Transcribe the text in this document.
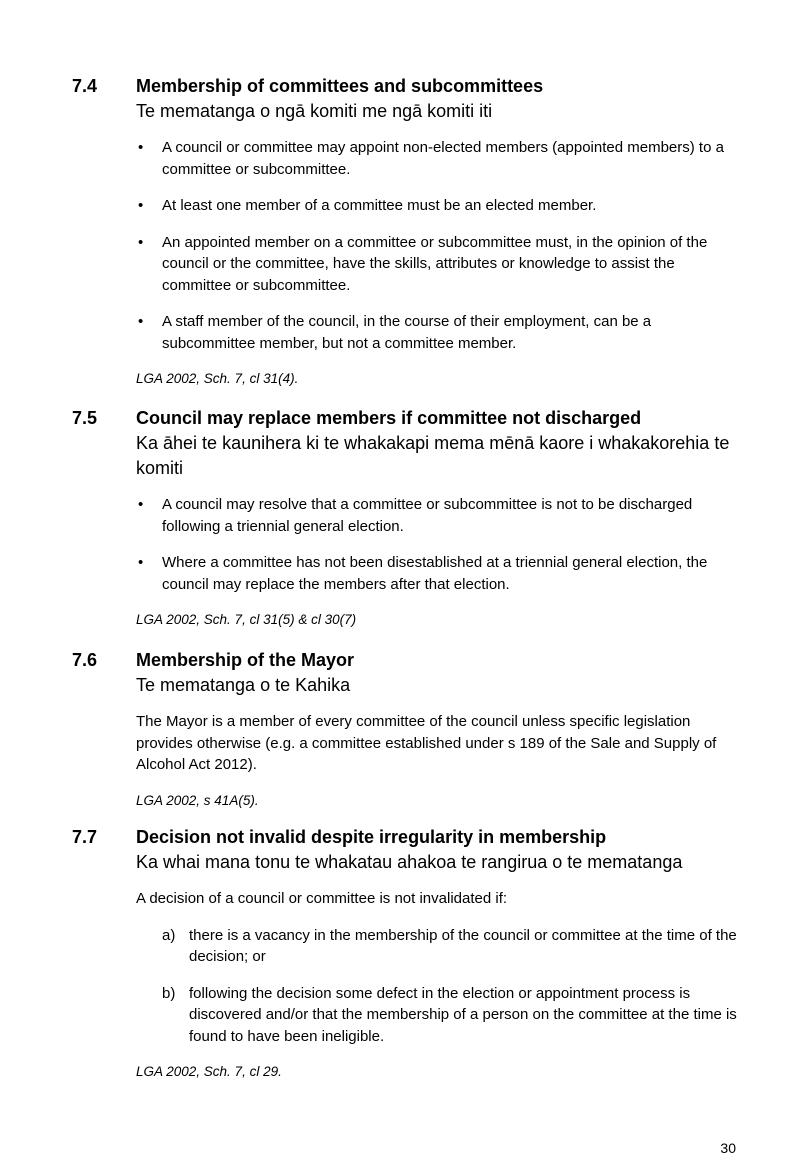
7.4	Membership of committees and subcommittees
Te mematanga o ngā komiti me ngā komiti iti
• A council or committee may appoint non-elected members (appointed members) to a committee or subcommittee.
• At least one member of a committee must be an elected member.
• An appointed member on a committee or subcommittee must, in the opinion of the council or the committee, have the skills, attributes or knowledge to assist the committee or subcommittee.
• A staff member of the council, in the course of their employment, can be a subcommittee member, but not a committee member.
LGA 2002, Sch. 7, cl 31(4).
7.5	Council may replace members if committee not discharged
Ka āhei te kaunihera ki te whakakapi mema mēnā kaore i whakakorehia te komiti
• A council may resolve that a committee or subcommittee is not to be discharged following a triennial general election.
• Where a committee has not been disestablished at a triennial general election, the council may replace the members after that election.
LGA 2002, Sch. 7, cl 31(5) & cl 30(7)
7.6	Membership of the Mayor
Te mematanga o te Kahika
The Mayor is a member of every committee of the council unless specific legislation provides otherwise (e.g. a committee established under s 189 of the Sale and Supply of Alcohol Act 2012).
LGA 2002, s 41A(5).
7.7	Decision not invalid despite irregularity in membership
Ka whai mana tonu te whakatau ahakoa te rangirua o te mematanga
A decision of a council or committee is not invalidated if:
a) there is a vacancy in the membership of the council or committee at the time of the decision; or
b) following the decision some defect in the election or appointment process is discovered and/or that the membership of a person on the committee at the time is found to have been ineligible.
LGA 2002, Sch. 7, cl 29.
30
